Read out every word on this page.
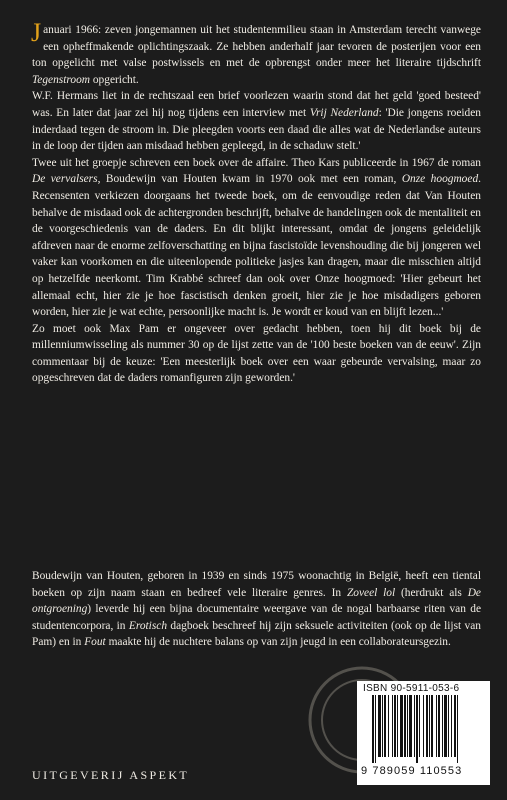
J anuari 1966: zeven jongemannen uit het studentenmilieu staan in Amsterdam terecht vanwege een opheffmakende oplichtingszaak. Ze hebben anderhalf jaar tevoren de posterijen voor een ton opgelicht met valse postwissels en met de opbrengst onder meer het literaire tijdschrift Tegenstroom opgericht.

W.F. Hermans liet in de rechtszaal een brief voorlezen waarin stond dat het geld 'goed besteed' was. En later dat jaar zei hij nog tijdens een interview met Vrij Nederland: 'Die jongens roeiden inderdaad tegen de stroom in. Die pleegden voorts een daad die alles wat de Nederlandse auteurs in de loop der tijden aan misdaad hebben gepleegd, in de schaduw stelt.'

Twee uit het groepje schreven een boek over de affaire. Theo Kars publiceerde in 1967 de roman De vervalsers, Boudewijn van Houten kwam in 1970 ook met een roman, Onze hoogmoed. Recensenten verkiezen doorgaans het tweede boek, om de eenvoudige reden dat Van Houten behalve de misdaad ook de achtergronden beschrijft, behalve de handelingen ook de mentaliteit en de voorgeschiedenis van de daders. En dit blijkt interessant, omdat de jongens geleidelijk afdreven naar de enorme zelfoverschatting en bijna fascistoïde levenshouding die bij jongeren wel vaker kan voorkomen en die uiteenlopende politieke jasjes kan dragen, maar die misschien altijd op hetzelfde neerkomt. Tim Krabbé schreef dan ook over Onze hoogmoed: 'Hier gebeurt het allemaal echt, hier zie je hoe fascistisch denken groeit, hier zie je hoe misdadigers geboren worden, hier zie je wat echte, persoonlijke macht is. Je wordt er koud van en blijft lezen...'

Zo moet ook Max Pam er ongeveer over gedacht hebben, toen hij dit boek bij de millenniumwisseling als nummer 30 op de lijst zette van de '100 beste boeken van de eeuw'. Zijn commentaar bij de keuze: 'Een meesterlijk boek over een waar gebeurde vervalsing, maar zo opgeschreven dat de daders romanfiguren zijn geworden.'

Boudewijn van Houten, geboren in 1939 en sinds 1975 woonachtig in België, heeft een tiental boeken op zijn naam staan en bedreef vele literaire genres. In Zoveel lol (herdrukt als De ontgroening) leverde hij een bijna documentaire weergave van de nogal barbaarse riten van de studentencorpora, in Erotisch dagboek beschreef hij zijn seksuele activiteiten (ook op de lijst van Pam) en in Fout maakte hij de nuchtere balans op van zijn jeugd in een collaborateursgezin.

ISBN 90-5911-053-6
9 789059 110553
UITGEVERIJ ASPEKT
